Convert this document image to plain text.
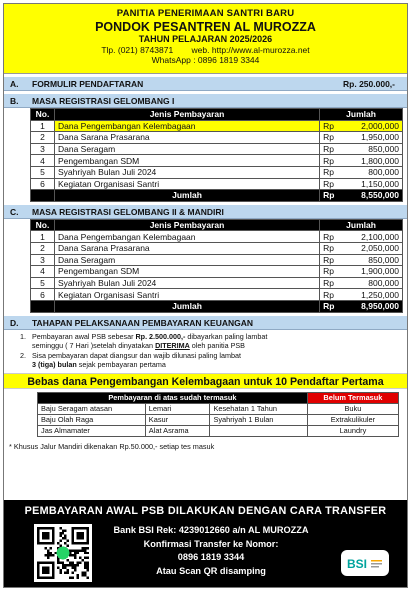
PANITIA PENERIMAAN SANTRI BARU
PONDOK PESANTREN AL MUROZZA
TAHUN PELAJARAN 2025/2026
Tlp. (021) 8743871 web. http://www.al-murozza.net
WhatsApp : 0896 1819 3344
A.	FORMULIR PENDAFTARAN	Rp. 250.000,-
B.	MASA REGISTRASI GELOMBANG I
No.	Jenis Pembayaran	Jumlah	
1	Dana Pengembangan Kelembagaan	Rp	2,000,000
2	Dana Sarana Prasarana	Rp	1,950,000
3	Dana Seragam	Rp	850,000
4	Pengembangan SDM	Rp	1,800,000
5	Syahriyah Bulan Juli 2024	Rp	800,000
6	Kegiatan Organisasi Santri	Rp	1,150,000
	Jumlah	Rp	8,550,000
C.	MASA REGISTRASI GELOMBANG II & MANDIRI
No.	Jenis Pembayaran	Jumlah	
1	Dana Pengembangan Kelembagaan	Rp	2,100,000
2	Dana Sarana Prasarana	Rp	2,050,000
3	Dana Seragam	Rp	850,000
4	Pengembangan SDM	Rp	1,900,000
5	Syahriyah Bulan Juli 2024	Rp	800,000
6	Kegiatan Organisasi Santri	Rp	1,250,000
	Jumlah	Rp	8,950,000
D.	TAHAPAN PELAKSANAAN PEMBAYARAN KEUANGAN
1. Pembayaran awal PSB sebesar Rp. 2.500.000,- dibayarkan paling lambat
seminggu ( 7 Hari )setelah dinyatakan DITERIMA oleh panitia PSB
2. Sisa pembayaran dapat diangsur dan wajib dilunasi paling lambat
3 (tiga) bulan sejak pembayaran pertama
Bebas dana Pengembangan Kelembagaan untuk 10 Pendaftar Pertama
Pembayaran di atas sudah termasuk			Belum Termasuk
Baju Seragam atasan	Lemari	Kesehatan 1 Tahun	Buku
Baju Olah Raga	Kasur	Syahriyah 1 Bulan	Extrakulikuler
Jas Almamater	Alat Asrama		Laundry
* Khusus Jalur Mandiri dikenakan Rp.50.000,- setiap tes masuk
PEMBAYARAN AWAL PSB DILAKUKAN DENGAN CARA TRANSFER
Bank BSI Rek: 4239012660 a/n AL MUROZZA
Konfirmasi Transfer ke Nomor:
0896 1819 3344
Atau Scan QR disamping	BSI
